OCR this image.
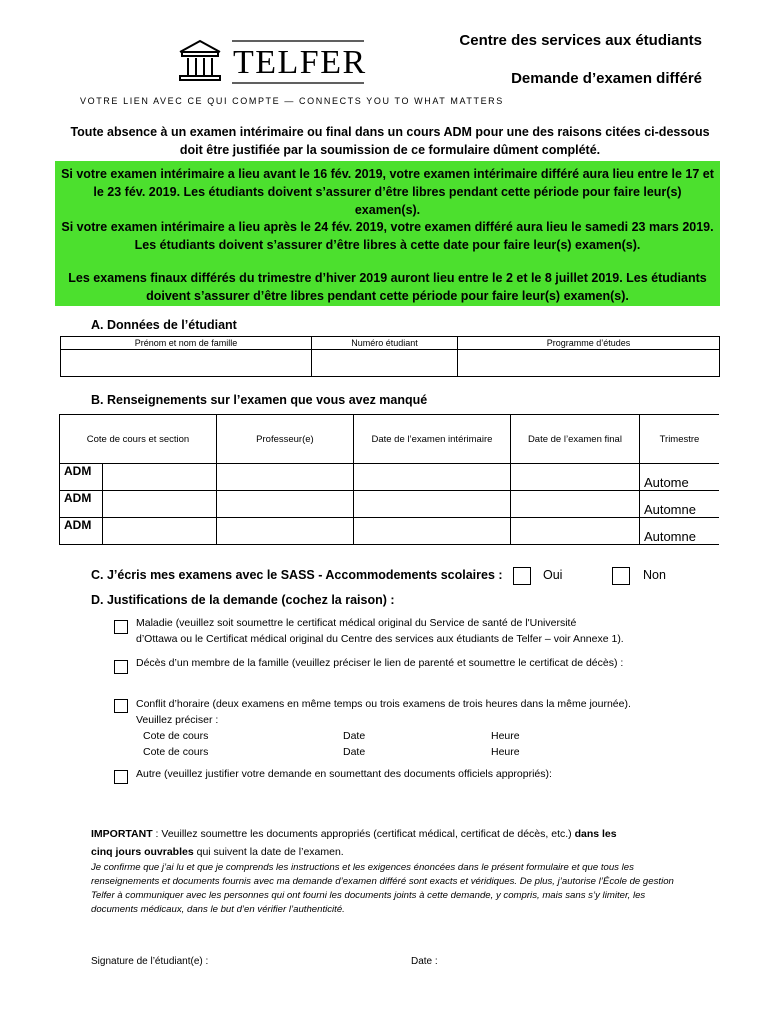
TELFER
VOTRE LIEN AVEC CE QUI COMPTE — CONNECTS YOU TO WHAT MATTERS
Centre des services aux étudiants
Demande d’examen différé
Toute absence à un examen intérimaire ou final dans un cours ADM pour une des raisons citées ci-dessous doit être justifiée par la soumission de ce formulaire dûment complété.

Si votre examen intérimaire a lieu avant le 16 fév. 2019, votre examen intérimaire différé aura lieu entre le 17 et le 23 fév. 2019. Les étudiants doivent s’assurer d’être libres pendant cette période pour faire leur(s) examen(s).

Si votre examen intérimaire a lieu après le 24 fév. 2019, votre examen différé aura lieu le samedi 23 mars 2019. Les étudiants doivent s’assurer d’être libres à cette date pour faire leur(s) examen(s).

Les examens finaux différés du trimestre d’hiver 2019 auront lieu entre le 2 et le 8 juillet 2019. Les étudiants doivent s’assurer d’être libres pendant cette période pour faire leur(s) examen(s).

A. Données de l’étudiant
Prénom et nom de famille	Numéro étudiant	Programme d’études

B. Renseignements sur l’examen que vous avez manqué
Cote de cours et section		Professeur(e)	Date de l’examen intérimaire	Date de l’examen final	Trimestre
ADM					Autome
ADM					Automne
ADM					Automne
C. J’écris mes examens avec le SASS - Accommodements scolaires :	Oui	Non
D. Justifications de la demande (cochez la raison) :
Maladie (veuillez soit soumettre le certificat médical original du Service de santé de l'Université
d’Ottawa ou le Certificat médical original du Centre des services aux étudiants de Telfer – voir Annexe 1).
Décès d’un membre de la famille (veuillez préciser le lien de parenté et soumettre le certificat de décès) :
Conflit d’horaire (deux examens en même temps ou trois examens de trois heures dans la même journée).
Veuillez préciser :
Cote de cours	Date	Heure
Cote de cours	Date	Heure
Autre (veuillez justifier votre demande en soumettant des documents officiels appropriés):
IMPORTANT : Veuillez soumettre les documents appropriés (certificat médical, certificat de décès, etc.) dans les
cinq jours ouvrables qui suivent la date de l’examen.
Je confirme que j’ai lu et que je comprends les instructions et les exigences énoncées dans le présent formulaire et que tous les renseignements et documents fournis avec ma demande d’examen différé sont exacts et véridiques. De plus, j’autorise l’École de gestion Telfer à communiquer avec les personnes qui ont fourni les documents joints à cette demande, y compris, mais sans s’y limiter, les documents médicaux, dans le but d’en vérifier l’authenticité.
Signature de l’étudiant(e) :	Date :
